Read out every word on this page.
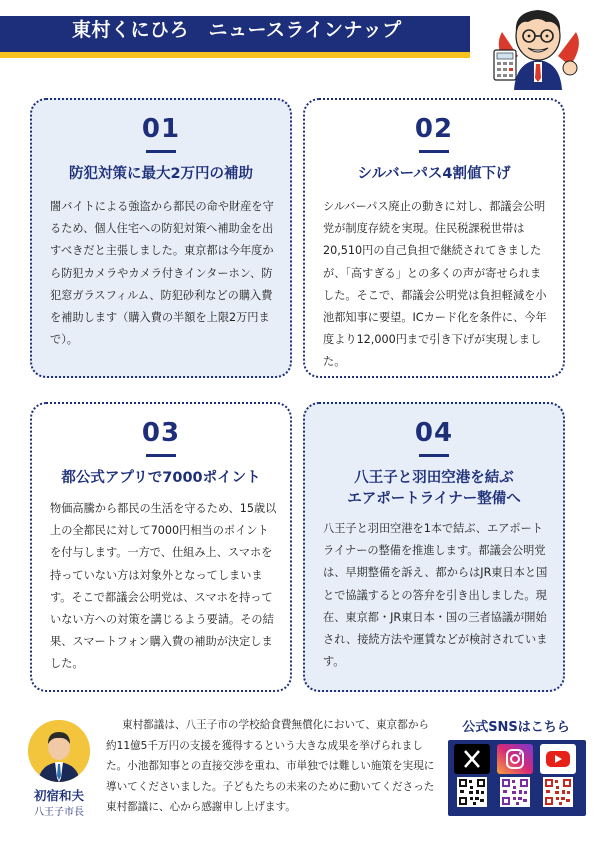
東村くにひろ　ニュースラインナップ
01
防犯対策に最大2万円の補助
闇バイトによる強盗から都民の命や財産を守るため、個人住宅への防犯対策へ補助金を出すべきだと主張しました。東京都は今年度から防犯カメラやカメラ付きインターホン、防犯窓ガラスフィルム、防犯砂利などの購入費を補助します（購入費の半額を上限2万円まで）。
02
シルバーパス4割値下げ
シルバーパス廃止の動きに対し、都議会公明党が制度存続を実現。住民税課税世帯は20,510円の自己負担で継続されてきましたが、「高すぎる」との多くの声が寄せられました。そこで、都議会公明党は負担軽減を小池都知事に要望。ICカード化を条件に、今年度より12,000円まで引き下げが実現しました。
03
都公式アプリで7000ポイント
物価高騰から都民の生活を守るため、15歳以上の全都民に対して7000円相当のポイントを付与します。一方で、仕組み上、スマホを持っていない方は対象外となってしまいます。そこで都議会公明党は、スマホを持っていない方への対策を講じるよう要請。その結果、スマートフォン購入費の補助が決定しました。
04
八王子と羽田空港を結ぶ
エアポートライナー整備へ
八王子と羽田空港を1本で結ぶ、エアポートライナーの整備を推進します。都議会公明党は、早期整備を訴え、都からはJR東日本と国とで協議するとの答弁を引き出しました。現在、東京都・JR東日本・国の三者協議が開始され、接続方法や運賃などが検討されています。
初宿和夫
八王子市長
東村都議は、八王子市の学校給食費無償化において、東京都から約11億5千万円の支援を獲得するという大きな成果を挙げられました。小池都知事との直接交渉を重ね、市単独では難しい施策を実現に導いてくださいました。子どもたちの未来のために動いてくださった東村都議に、心から感謝申し上げます。
公式SNSはこちら
